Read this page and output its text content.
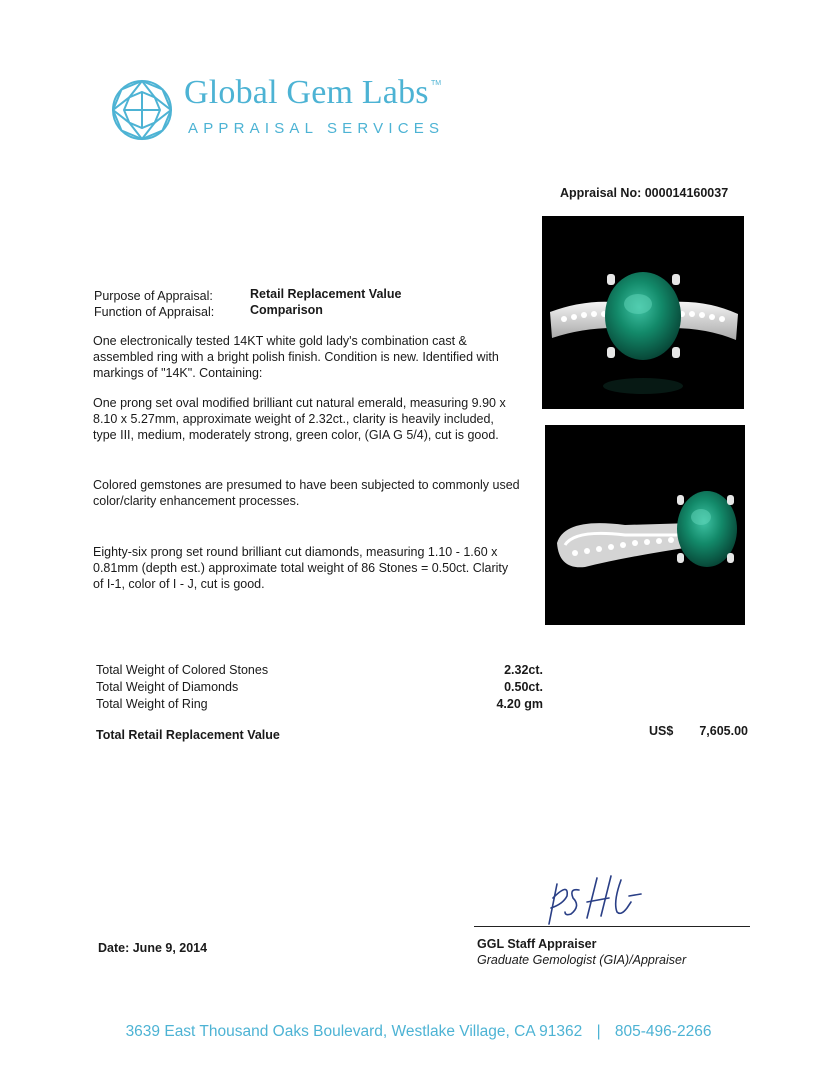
Global Gem Labs TM
APPRAISAL SERVICES
Appraisal No: 000014160037
Purpose of Appraisal:	Retail Replacement Value
Function of Appraisal:	Comparison
One electronically tested 14KT white gold lady's combination cast & assembled ring with a bright polish finish. Condition is new. Identified with markings of "14K". Containing:
One prong set oval modified brilliant cut natural emerald, measuring 9.90 x 8.10 x 5.27mm, approximate weight of 2.32ct., clarity is heavily included, type III, medium, moderately strong, green color, (GIA G 5/4), cut is good.
Colored gemstones are presumed to have been subjected to commonly used color/clarity enhancement processes.
Eighty-six prong set round brilliant cut diamonds, measuring 1.10 - 1.60 x 0.81mm (depth est.) approximate total weight of 86 Stones = 0.50ct. Clarity of I-1, color of I - J, cut is good.
Total Weight of Colored Stones	2.32ct.
Total Weight of Diamonds	0.50ct.
Total Weight of Ring	4.20 gm
Total Retail Replacement Value	US$	7,605.00
GGL Staff Appraiser
Graduate Gemologist (GIA)/Appraiser
Date: June 9, 2014
3639 East Thousand Oaks Boulevard, Westlake Village, CA 91362 | 805-496-2266
